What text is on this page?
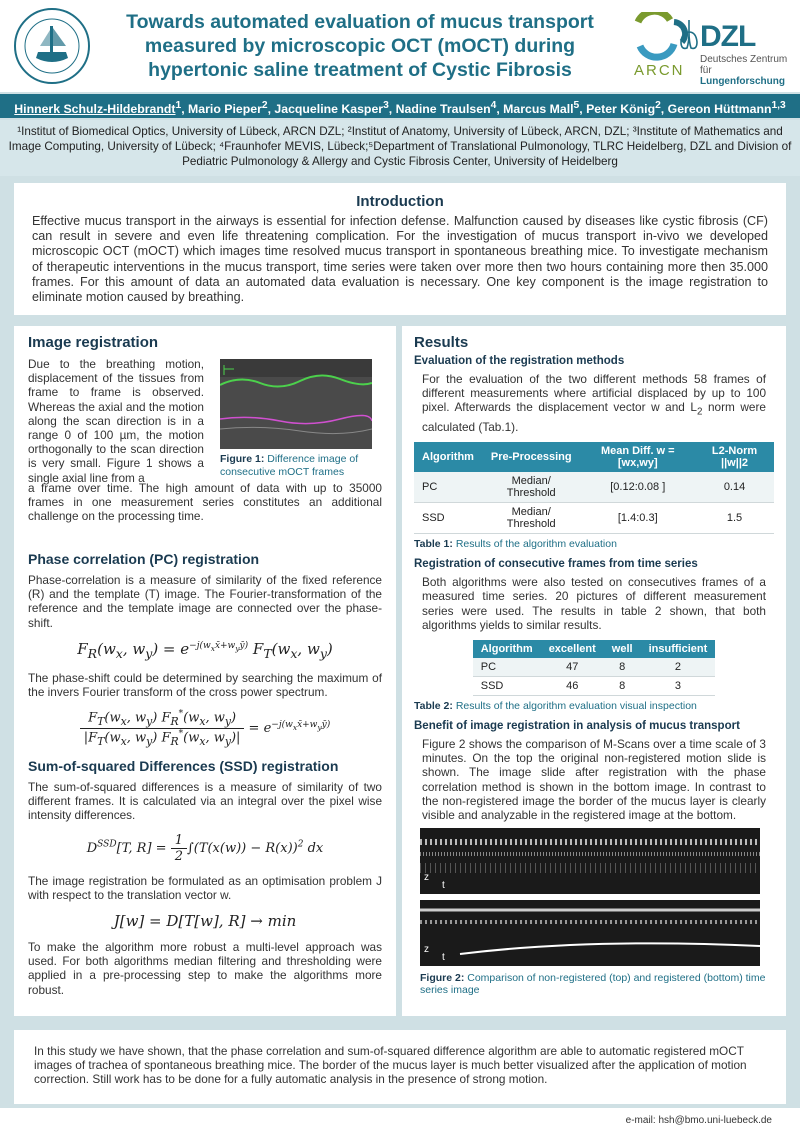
Towards automated evaluation of mucus transport measured by microscopic OCT (mOCT) during hypertonic saline treatment of Cystic Fibrosis	ARCN
DZL
Deutsches Zentrum für
Lungenforschung
Hinnerk Schulz-Hildebrandt$^1$, Mario Pieper$^2$, Jacqueline Kasper$^3$, Nadine Traulsen$^4$, Marcus Mall$^5$, Peter König$^2$, Gereon Hüttmann$^{1,3}$
¹Institut of Biomedical Optics, University of Lübeck, ARCN DZL; ²Institut of Anatomy, University of Lübeck, ARCN, DZL; ³Institute of Mathematics and Image Computing, University of Lübeck; ⁴Fraunhofer MEVIS, Lübeck;⁵Department of Translational Pulmonology, TLRC Heidelberg, DZL and Division of Pediatric Pulmonology & Allergy and Cystic Fibrosis Center, University of Heidelberg
Introduction

Effective mucus transport in the airways is essential for infection defense. Malfunction caused by diseases like cystic fibrosis (CF) can result in severe and even life threatening complication. For the investigation of mucus transport in-vivo we developed microscopic OCT (mOCT) which images time resolved mucus transport in spontaneous breathing mice. To investigate mechanism of therapeutic interventions in the mucus transport, time series were taken over more then two hours containing more then 35.000 frames. For this amount of data an automated data evaluation is necessary. One key component is the image registration to eliminate motion caused by breathing.

Image registration
Due to the breathing motion, displacement of the tissues from frame to frame is observed. Whereas the axial and the motion along the scan direction is in a range 0 of 100 µm, the motion orthogonally to the scan direction is very small. Figure 1 shows a single axial line from a
Figure 1: Difference image of consecutive mOCT frames
a frame over time. The high amount of data with up to 35000 frames in one measurement series constitutes an additional challenge on the processing time.
Phase correlation (PC) registration

Phase-correlation is a measure of similarity of the fixed reference (R) and the template (T) image. The Fourier-transformation of the reference and the template image are connected over the phase-shift.

$F_R(w_x$, $w_y) = e^{-j(w_xx̄+w_yȳ)}$ $F_T(w_x$, $w_y$)

The phase-shift could be determined by searching the maximum of the invers Fourier transform of the cross power spectrum.

$\frac{F_T(w_x, w_y) F_R^*(w_x, w_y)}{|F_T(w_x, w_y) F_R^*(w_x, w_y)|} = e^{-j(w_xx̄+w_yȳ)}$
Sum-of-squared Differences (SSD) registration

The sum-of-squared differences is a measure of similarity of two different frames. It is calculated via an integral over the pixel wise intensity differences.

$D^{SSD}[T$, $R] = \frac{1}{2} \int(T(x(w)) - R(x))^2$ dx

The image registration be formulated as an optimisation problem J with respect to the translation vector w.

J[w] = D[T[w], R] → min

To make the algorithm more robust a multi-level approach was used. For both algorithms median filtering and thresholding were applied in a pre-processing step to make the algorithms more robust.

Results
Evaluation of the registration methods

For the evaluation of the two different methods 58 frames of different measurements where artificial displaced by up to 100 pixel. Afterwards the displacement vector w and $L_2$ norm were calculated (Tab.1).

Algorithm	Pre-Processing	Mean Diff. w = [wx,wy]	L2-Norm ||w||2
PC	Median/ Threshold	[0.12:0.08 ]	0.14
SSD	Median/ Threshold	[1.4:0.3]	1.5
Table 1: Results of the algorithm evaluation
Registration of consecutive frames from time series

Both algorithms were also tested on consecutives frames of a measured time series. 20 pictures of different measurement series were used. The results in table 2 shown, that both algorithms yields to similar results.

Algorithm	excellent	well	insufficient
PC	47	8	2
SSD	46	8	3
Table 2: Results of the algorithm evaluation visual inspection
Benefit of image registration in analysis of mucus transport

Figure 2 shows the comparison of M-Scans over a time scale of 3 minutes. On the top the original non-registered motion slide is shown. The image slide after registration with the phase correlation method is shown in the bottom image. In contrast to the non-registered image the border of the mucus layer is clearly visible and analyzable in the registered image at the bottom.

z
t
z
t
Figure 2: Comparison of non-registered (top) and registered (bottom) time series image

In this study we have shown, that the phase correlation and sum-of-squared difference algorithm are able to automatic registered mOCT images of trachea of spontaneous breathing mice. The border of the mucus layer is much better visualized after the application of motion correction. Still work has to be done for a fully automatic analysis in the presence of strong motion.

e-mail: hsh@bmo.uni-luebeck.de
